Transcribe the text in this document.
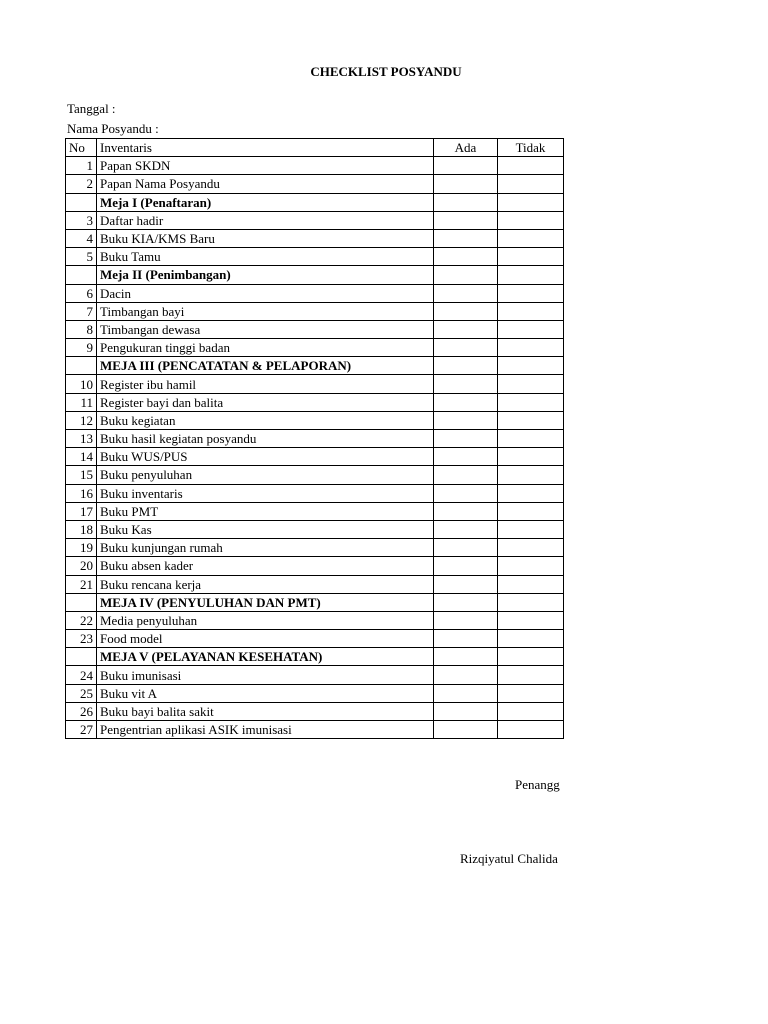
CHECKLIST POSYANDU
Tanggal :
Nama Posyandu :
No	Inventaris	Ada	Tidak
1	Papan SKDN		
2	Papan Nama Posyandu		
	Meja I (Penaftaran)		
3	Daftar hadir		
4	Buku KIA/KMS Baru		
5	Buku Tamu		
	Meja II (Penimbangan)		
6	Dacin		
7	Timbangan bayi		
8	Timbangan dewasa		
9	Pengukuran tinggi badan		
	MEJA III (PENCATATAN & PELAPORAN)		
10	Register ibu hamil		
11	Register bayi dan balita		
12	Buku kegiatan		
13	Buku hasil kegiatan posyandu		
14	Buku WUS/PUS		
15	Buku penyuluhan		
16	Buku inventaris		
17	Buku PMT		
18	Buku Kas		
19	Buku kunjungan rumah		
20	Buku absen kader		
21	Buku rencana kerja		
	MEJA IV (PENYULUHAN DAN PMT)		
22	Media penyuluhan		
23	Food model		
	MEJA V (PELAYANAN KESEHATAN)		
24	Buku imunisasi		
25	Buku vit A		
26	Buku bayi balita sakit		
27	Pengentrian aplikasi ASIK imunisasi		
Penangg
Rizqiyatul Chalida
